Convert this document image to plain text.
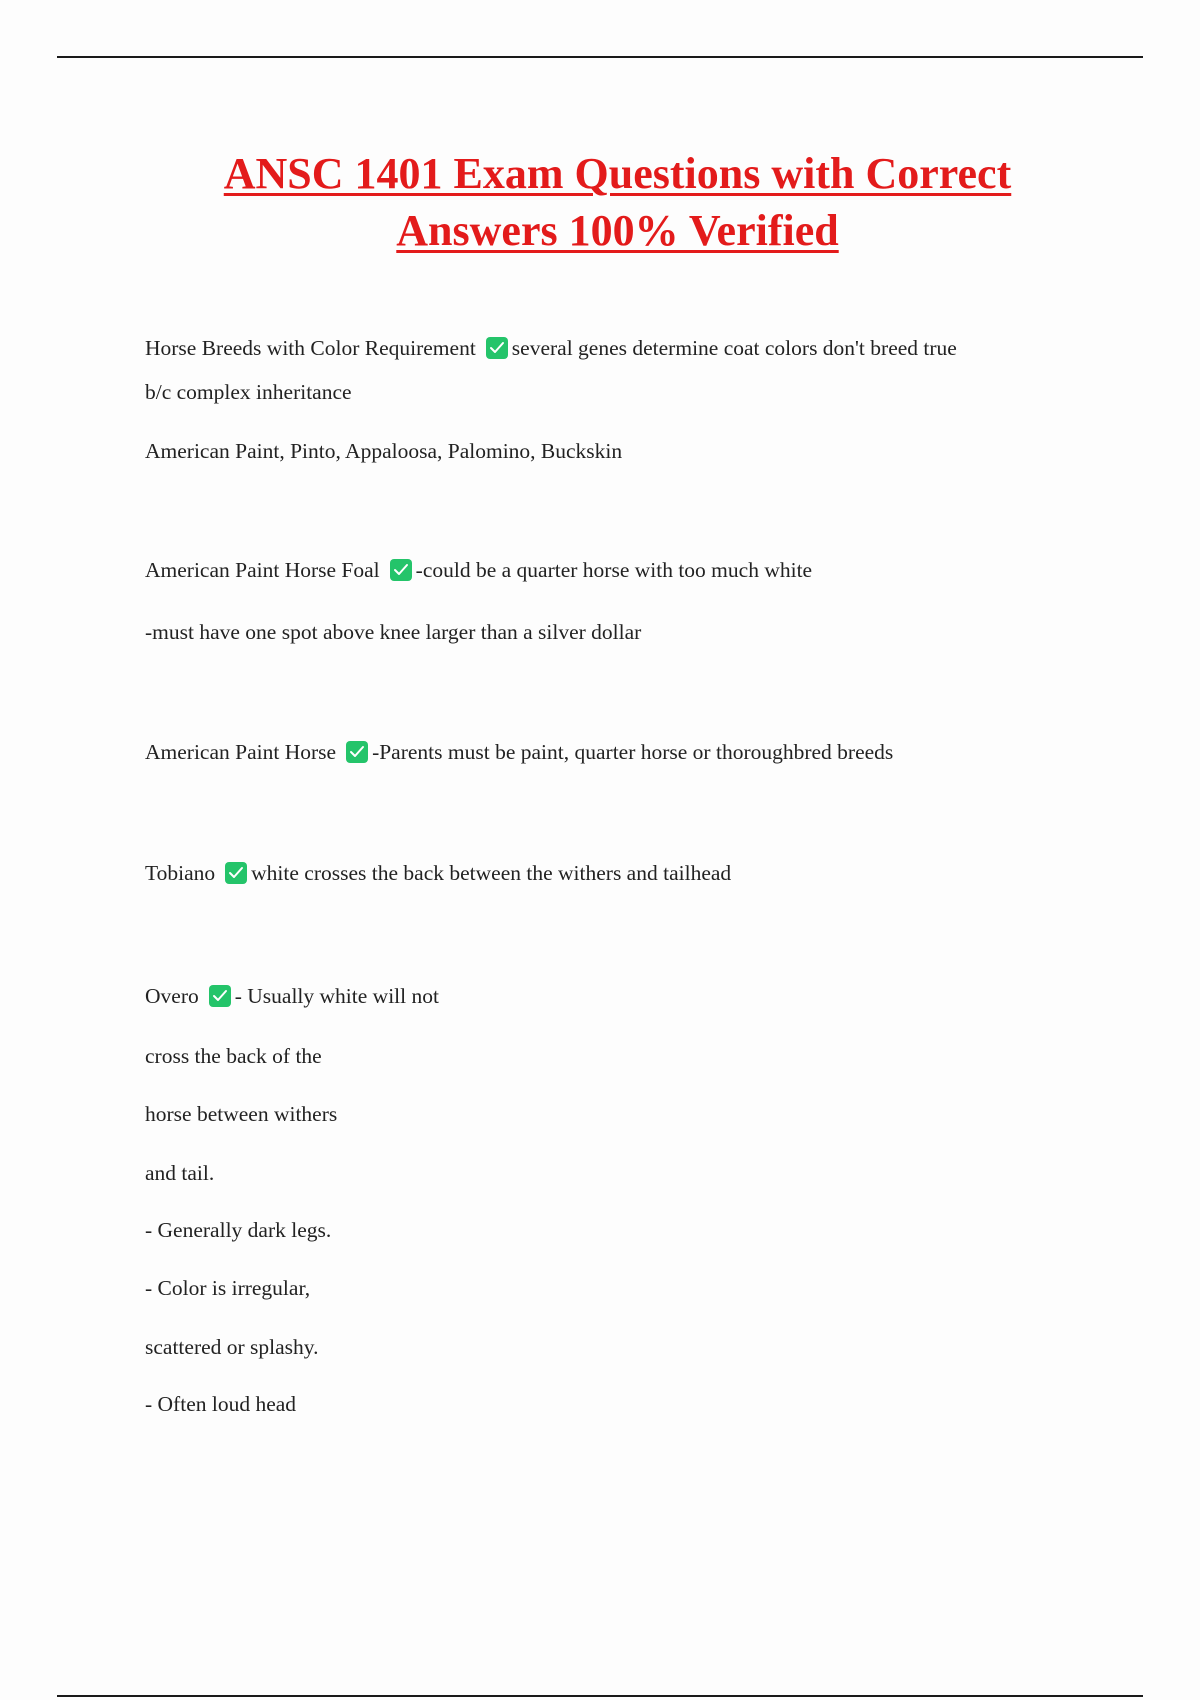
ANSC 1401 Exam Questions with Correct
Answers 100% Verified
Horse Breeds with Color Requirement several genes determine coat colors don't breed true
b/c complex inheritance
American Paint, Pinto, Appaloosa, Palomino, Buckskin
American Paint Horse Foal -could be a quarter horse with too much white
-must have one spot above knee larger than a silver dollar
American Paint Horse -Parents must be paint, quarter horse or thoroughbred breeds
Tobiano white crosses the back between the withers and tailhead
Overo - Usually white will not
cross the back of the
horse between withers
and tail.
- Generally dark legs.
- Color is irregular,
scattered or splashy.
- Often loud head
